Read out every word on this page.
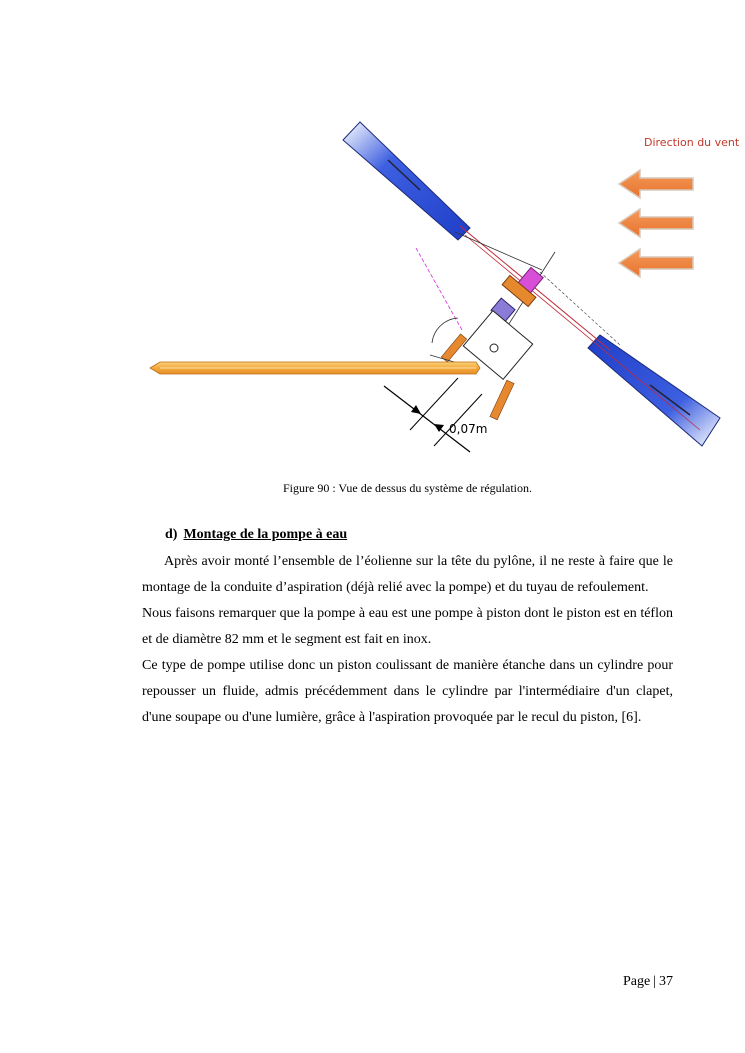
Direction du vent
0,07m
Figure 90 : Vue de dessus du système de régulation.
d) Montage de la pompe à eau

Après avoir monté l’ensemble de l’éolienne sur la tête du pylône, il ne reste à faire que le montage de la conduite d’aspiration (déjà relié avec la pompe) et du tuyau de refoulement.

Nous faisons remarquer que la pompe à eau est une pompe à piston dont le piston est en téflon et de diamètre 82 mm et le segment est fait en inox.

Ce type de pompe utilise donc un piston coulissant de manière étanche dans un cylindre pour repousser un fluide, admis précédemment dans le cylindre par l'intermédiaire d'un clapet, d'une soupape ou d'une lumière, grâce à l'aspiration provoquée par le recul du piston, [6].

Page | 37
